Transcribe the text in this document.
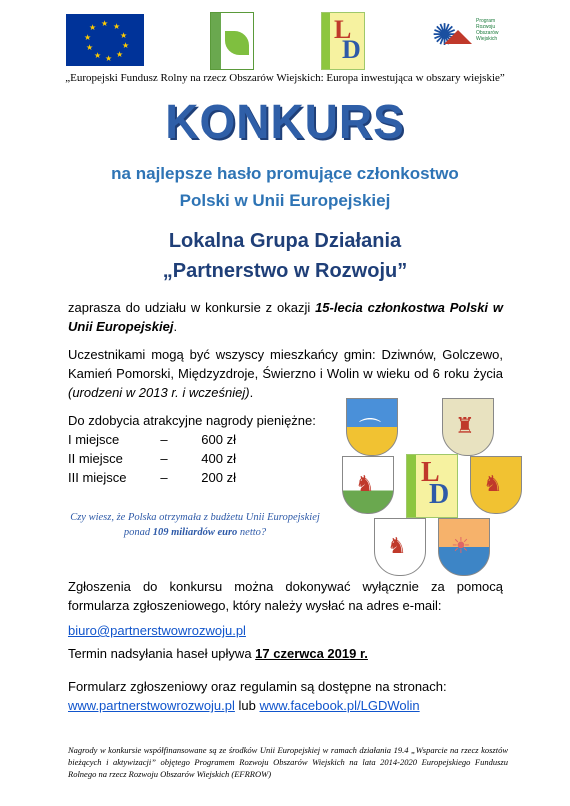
★ ★
★
★
★
★
★
★
★
★	L
D ✺	Program Rozwoju Obszarów Wiejskich
„Europejski Fundusz Rolny na rzecz Obszarów Wiejskich: Europa inwestująca w obszary wiejskie”
KONKURS
na najlepsze hasło promujące członkostwo
Polski w Unii Europejskiej
Lokalna Grupa Działania
„Partnerstwo w Rozwoju”
zaprasza do udziału w konkursie z okazji 15-lecia członkostwa Polski w Unii Europejskiej.
Uczestnikami mogą być wszyscy mieszkańcy gmin: Dziwnów, Golczewo, Kamień Pomorski, Międzyzdroje, Świerzno i Wolin w wieku od 6 roku życia (urodzeni w 2013 r. i wcześniej).
Do zdobycia atrakcyjne nagrody pieniężne:
I miejsce	–	600 zł
II miejsce	–	400 zł
III miejsce	–	200 zł
Czy wiesz, że Polska otrzymała z budżetu Unii Europejskiej ponad 109 miliardów euro netto?
⌒	♜
♞ L
D ♞
♞ ☀
Zgłoszenia do konkursu można dokonywać wyłącznie za pomocą formularza zgłoszeniowego, który należy wysłać na adres e-mail:
biuro@partnerstwowrozwoju.pl
Termin nadsyłania haseł upływa 17 czerwca 2019 r.
Formularz zgłoszeniowy oraz regulamin są dostępne na stronach:
www.partnerstwowrozwoju.pl lub www.facebook.pl/LGDWolin
Nagrody w konkursie współfinansowane są ze środków Unii Europejskiej w ramach działania 19.4 „Wsparcie na rzecz kosztów bieżących i aktywizacji” objętego Programem Rozwoju Obszarów Wiejskich na lata 2014-2020 Europejskiego Funduszu Rolnego na rzecz Rozwoju Obszarów Wiejskich (EFRROW)
